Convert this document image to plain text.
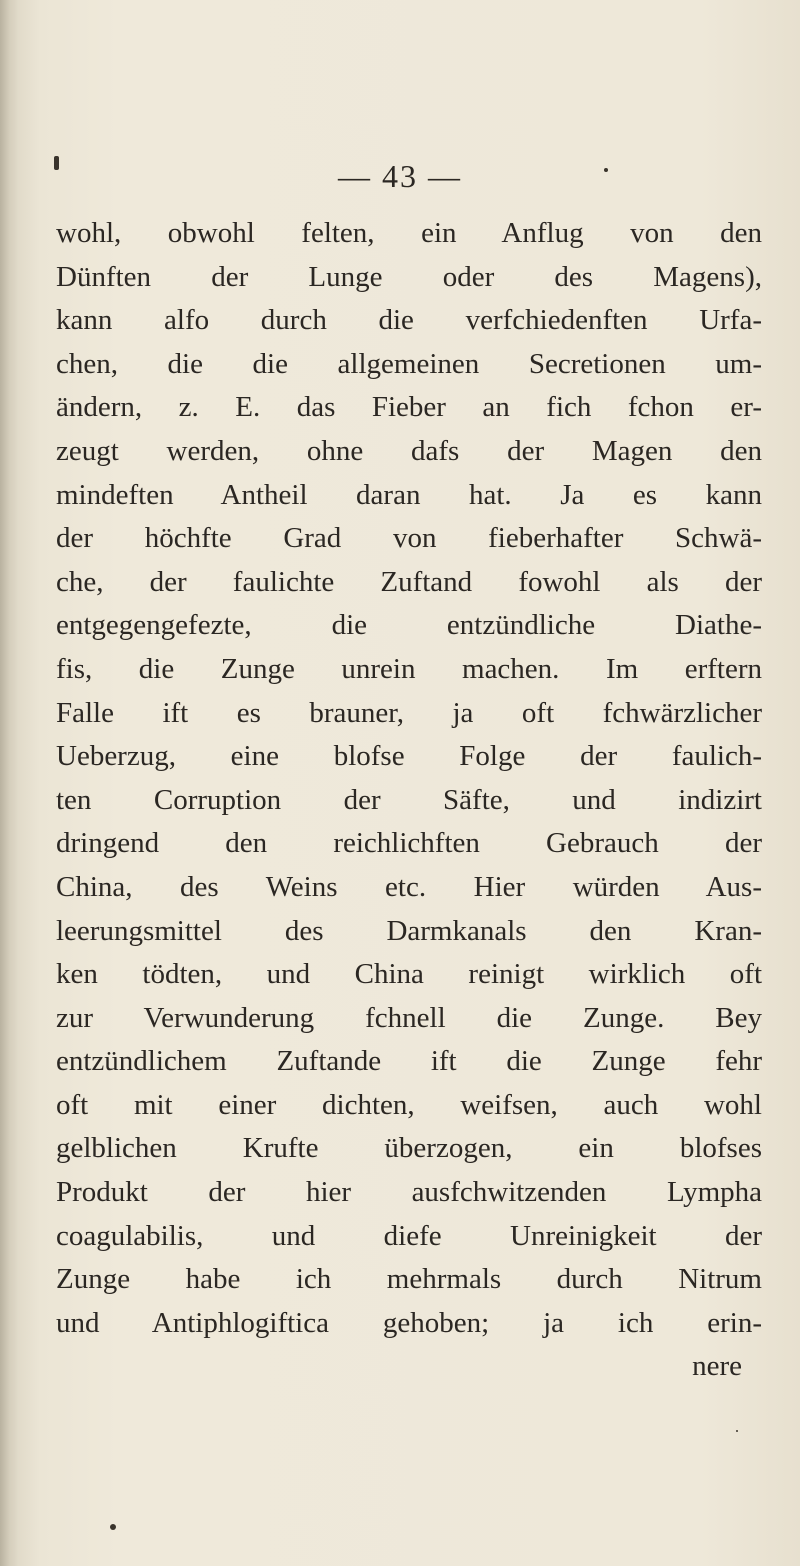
— 43 —
wohl, obwohl felten, ein Anflug von den
Dünften der Lunge oder des Magens),
kann alfo durch die verfchiedenften Urfa-
chen, die die allgemeinen Secretionen um-
ändern, z. E. das Fieber an fich fchon er-
zeugt werden, ohne dafs der Magen den
mindeften Antheil daran hat. Ja es kann
der höchfte Grad von fieberhafter Schwä-
che, der faulichte Zuftand fowohl als der
entgegengefezte, die entzündliche Diathe-
fis, die Zunge unrein machen. Im erftern
Falle ift es brauner, ja oft fchwärzlicher
Ueberzug, eine blofse Folge der faulich-
ten Corruption der Säfte, und indizirt
dringend den reichlichften Gebrauch der
China, des Weins etc. Hier würden Aus-
leerungsmittel des Darmkanals den Kran-
ken tödten, und China reinigt wirklich oft
zur Verwunderung fchnell die Zunge. Bey
entzündlichem Zuftande ift die Zunge fehr
oft mit einer dichten, weifsen, auch wohl
gelblichen Krufte überzogen, ein blofses
Produkt der hier ausfchwitzenden Lympha
coagulabilis, und diefe Unreinigkeit der
Zunge habe ich mehrmals durch Nitrum
und Antiphlogiftica gehoben; ja ich erin-
nere
